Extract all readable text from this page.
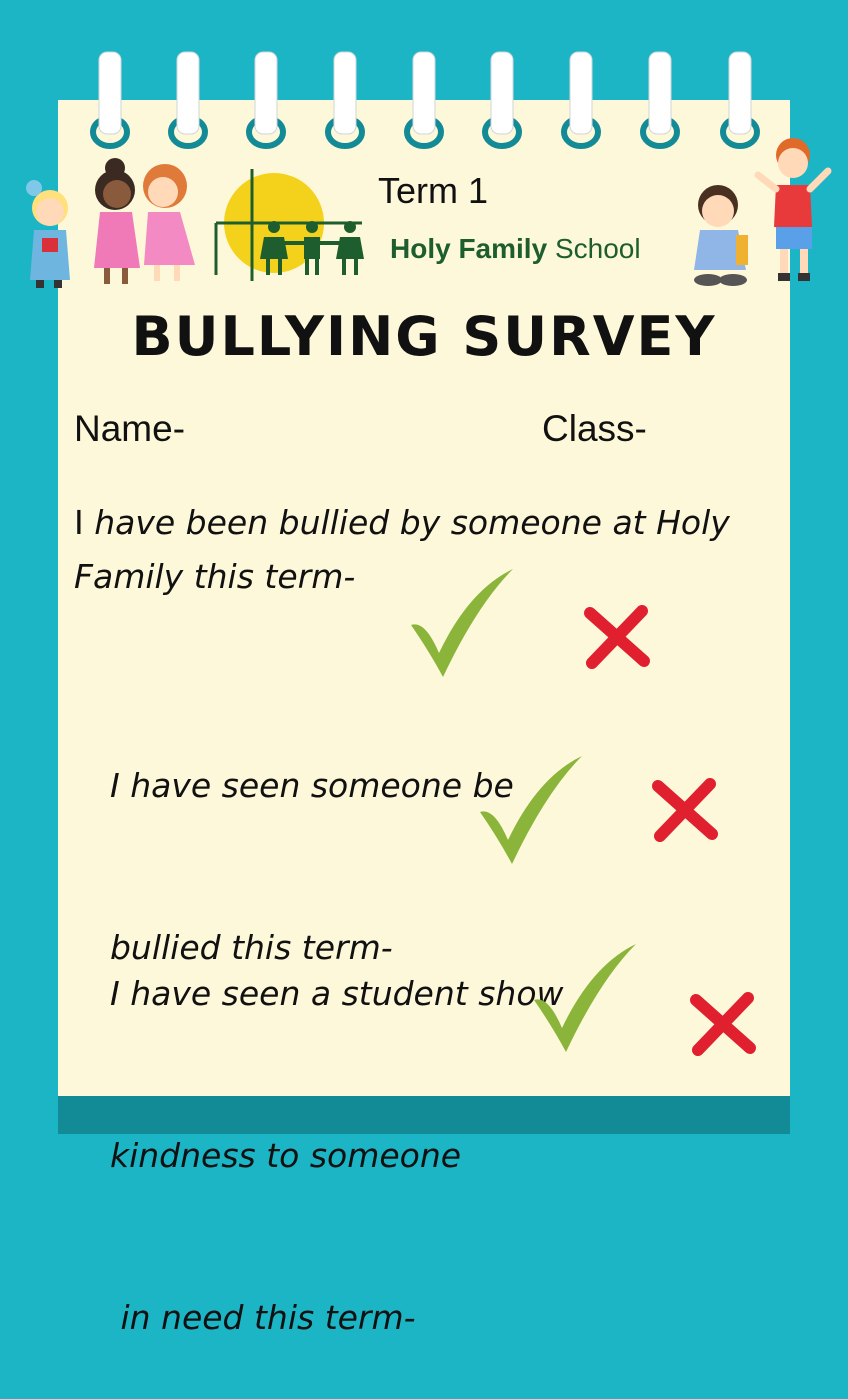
Holy Family School
Term 1
BULLYING SURVEY
Name-	Class-
I have been bullied by someone at Holy
Family this term-

I have seen someone be

bullied this term-

I have seen a student show

kindness to someone

in need this term-
